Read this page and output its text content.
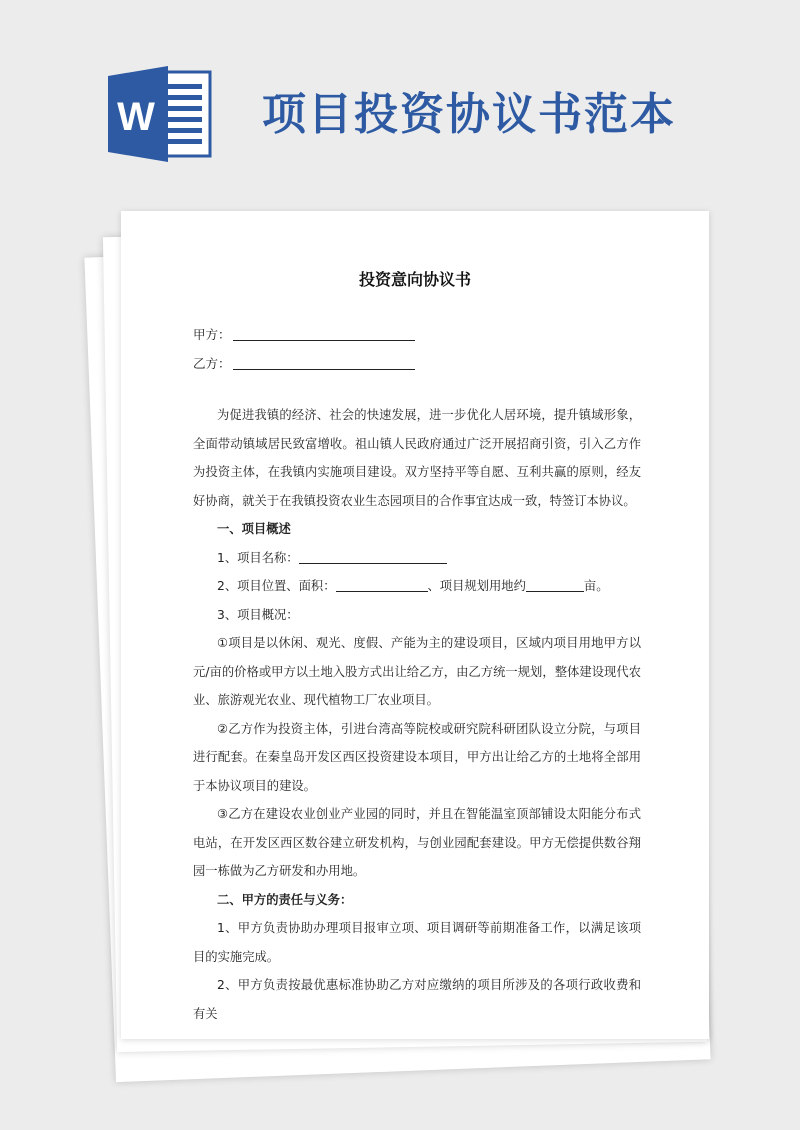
W 项目投资协议书范本
投资意向协议书
甲方：
乙方：

为促进我镇的经济、社会的快速发展，进一步优化人居环境，提升镇域形象，全面带动镇域居民致富增收。祖山镇人民政府通过广泛开展招商引资，引入乙方作为投资主体，在我镇内实施项目建设。双方坚持平等自愿、互利共赢的原则，经友好协商，就关于在我镇投资农业生态园项目的合作事宜达成一致，特签订本协议。

一、项目概述

1、项目名称：

2、项目位置、面积：	、项目规划用地约	亩。

3、项目概况：

①项目是以休闲、观光、度假、产能为主的建设项目，区域内项目用地甲方以元/亩的价格或甲方以土地入股方式出让给乙方，由乙方统一规划，整体建设现代农业、旅游观光农业、现代植物工厂农业项目。

②乙方作为投资主体，引进台湾高等院校或研究院科研团队设立分院，与项目进行配套。在秦皇岛开发区西区投资建设本项目，甲方出让给乙方的土地将全部用于本协议项目的建设。

③乙方在建设农业创业产业园的同时，并且在智能温室顶部铺设太阳能分布式电站，在开发区西区数谷建立研发机构，与创业园配套建设。甲方无偿提供数谷翔园一栋做为乙方研发和办用地。

二、甲方的责任与义务：

1、甲方负责协助办理项目报审立项、项目调研等前期准备工作，以满足该项目的实施完成。

2、甲方负责按最优惠标准协助乙方对应缴纳的项目所涉及的各项行政收费和有关
